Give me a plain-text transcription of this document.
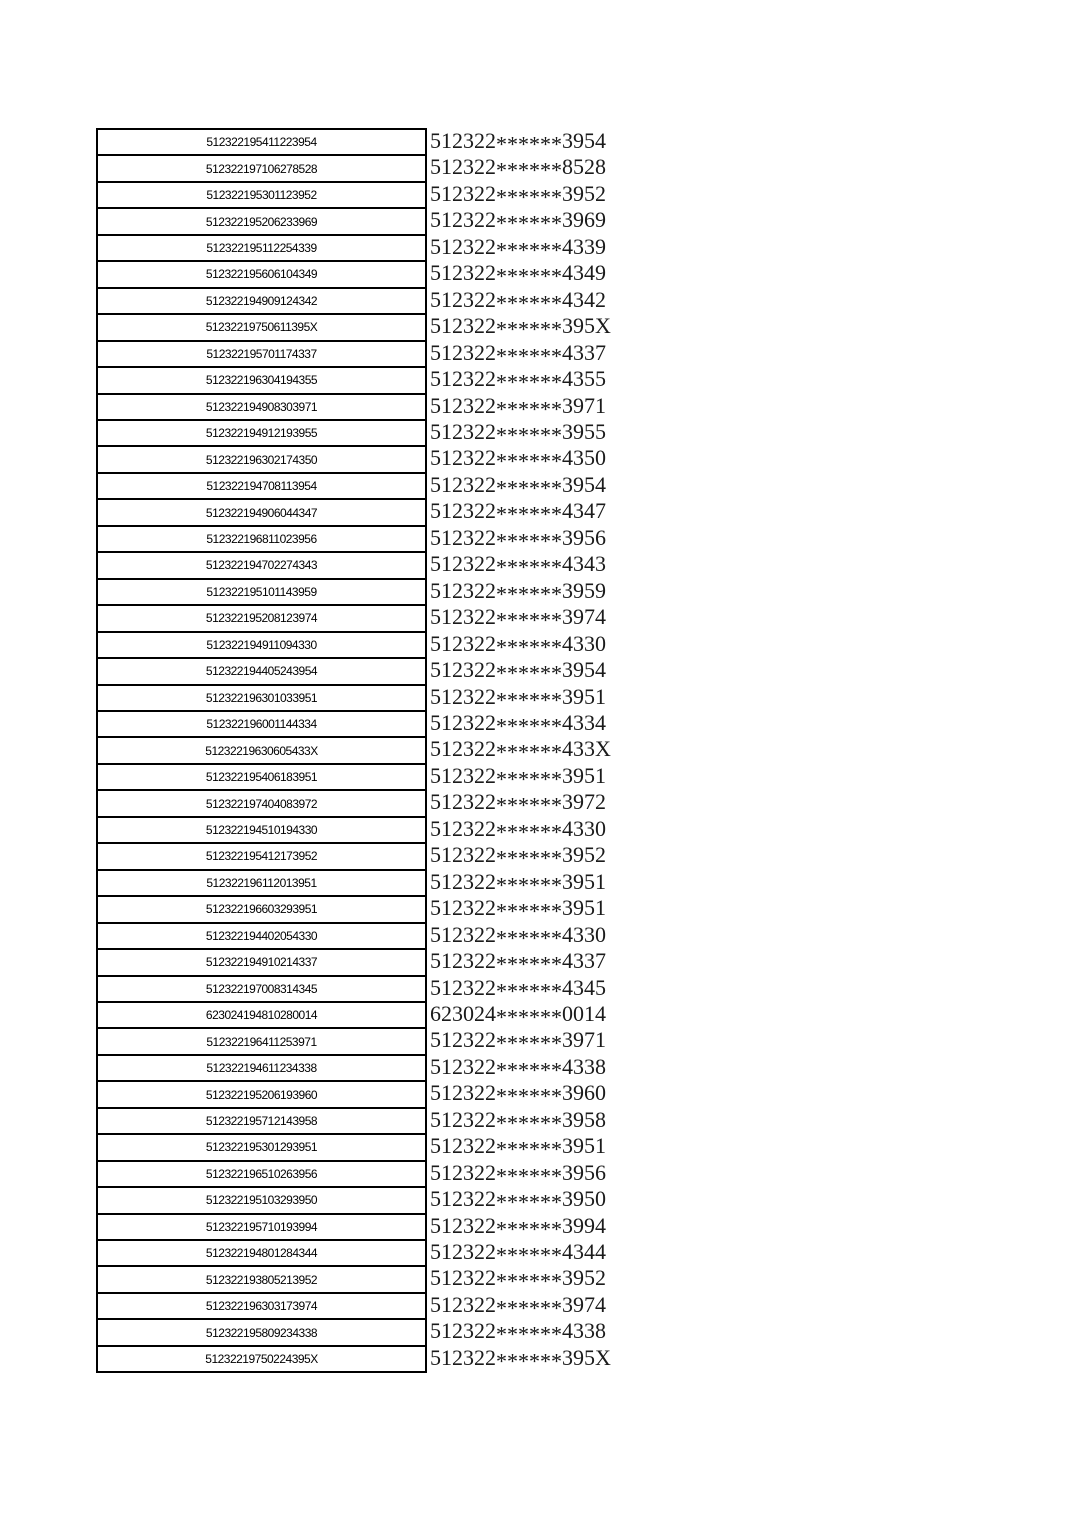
512322195411223954
512322197106278528
512322195301123952
512322195206233969
512322195112254339
512322195606104349
512322194909124342
51232219750611395X
512322195701174337
512322196304194355
512322194908303971
512322194912193955
512322196302174350
512322194708113954
512322194906044347
512322196811023956
512322194702274343
512322195101143959
512322195208123974
512322194911094330
512322194405243954
512322196301033951
512322196001144334
51232219630605433X
512322195406183951
512322197404083972
512322194510194330
512322195412173952
512322196112013951
512322196603293951
512322194402054330
512322194910214337
512322197008314345
623024194810280014
512322196411253971
512322194611234338
512322195206193960
512322195712143958
512322195301293951
512322196510263956
512322195103293950
512322195710193994
512322194801284344
512322193805213952
512322196303173974
512322195809234338
51232219750224395X
512322******3954
512322******8528
512322******3952
512322******3969
512322******4339
512322******4349
512322******4342
512322******395X
512322******4337
512322******4355
512322******3971
512322******3955
512322******4350
512322******3954
512322******4347
512322******3956
512322******4343
512322******3959
512322******3974
512322******4330
512322******3954
512322******3951
512322******4334
512322******433X
512322******3951
512322******3972
512322******4330
512322******3952
512322******3951
512322******3951
512322******4330
512322******4337
512322******4345
623024******0014
512322******3971
512322******4338
512322******3960
512322******3958
512322******3951
512322******3956
512322******3950
512322******3994
512322******4344
512322******3952
512322******3974
512322******4338
512322******395X
